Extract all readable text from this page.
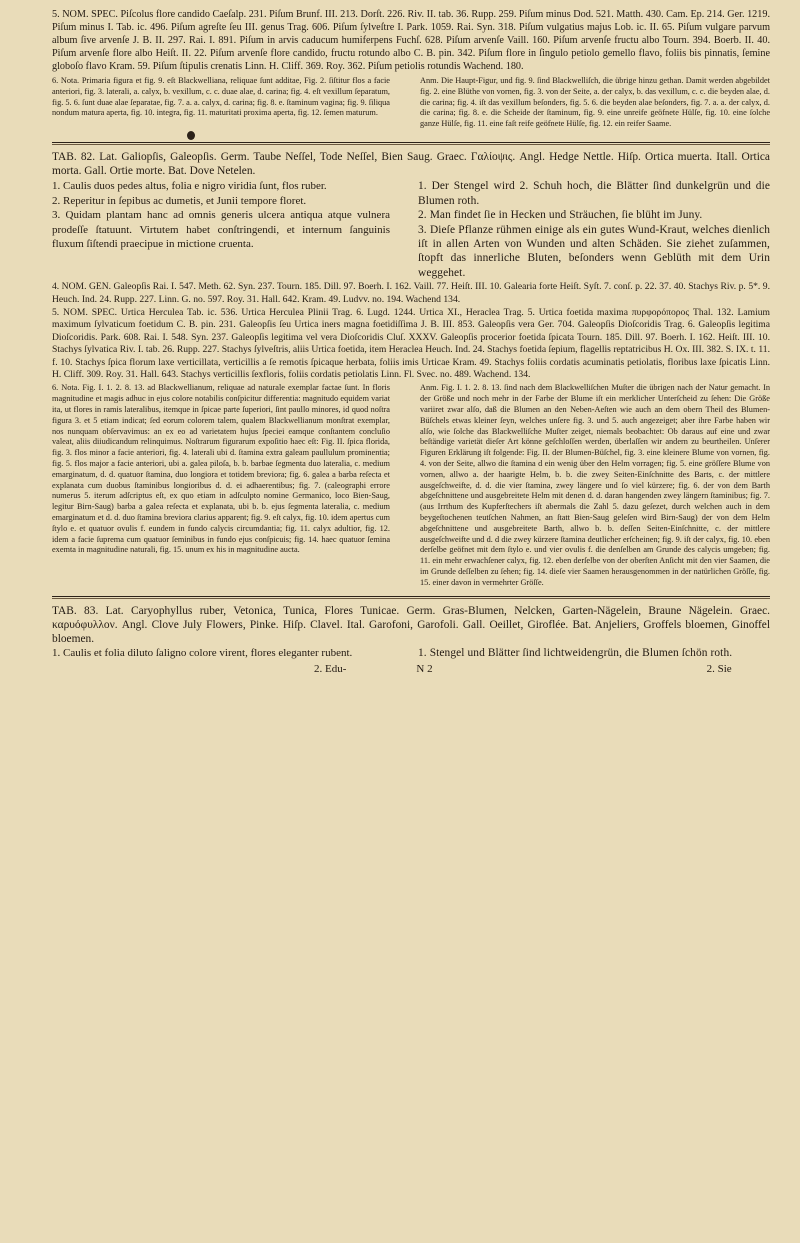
5. NOM. SPEC. Piſcolus flore candido Caeſalp. 231. Piſum Brunf. III. 213. Dorſt. 226. Riv. II. tab. 36. Rupp. 259. Piſum minus Dod. 521. Matth. 430. Cam. Ep. 214. Ger. 1219. Piſum minus I. Tab. ic. 496. Piſum agreſte ſeu III. genus Trag. 606. Piſum ſylveſtre I. Park. 1059. Rai. Syn. 318. Piſum vulgatius majus Lob. ic. II. 65. Piſum vulgare parvum album ſive arvenſe J. B. II. 297. Rai. I. 891. Piſum in arvis caducum humiferpens Fuchſ. 628. Piſum arvenſe Vaill. 160. Piſum arvenſe fructu albo Tourn. 394. Boerb. II. 40. Piſum arvenſe flore albo Heiſt. II. 22. Piſum arvenſe flore candido, fructu rotundo albo C. B. pin. 342. Piſum flore in ſingulo petiolo gemello flavo, foliis bis pinnatis, ſemine globoſo flavo Kram. 59. Piſum ſtipulis crenatis Linn. H. Cliff. 369. Roy. 362. Piſum petiolis rotundis Wachend. 180.

6. Nota. Primaria figura et fig. 9. eſt Blackwelliana, reliquae ſunt additae, Fig. 2. ſiſtitur flos a facie anteriori, fig. 3. laterali, a. calyx, b. vexillum, c. c. duae alae, d. carina; fig. 4. eſt vexillum ſeparatum, fig. 5. 6. ſunt duae alae ſeparatae, fig. 7. a. a. calyx, d. carina; fig. 8. e. ſtaminum vagina; fig. 9. ſiliqua nondum matura aperta, fig. 10. integra, fig. 11. maturitati proxima aperta, fig. 12. ſemen maturum.

Anm. Die Haupt-Figur, und fig. 9. ſind Blackwelliſch, die übrige hinzu gethan. Damit werden abgebildet fig. 2. eine Blüthe von vornen, fig. 3. von der Seite, a. der calyx, b. das vexillum, c. c. die beyden alae, d. die carina; fig. 4. iſt das vexillum beſonders, fig. 5. 6. die beyden alae beſonders, fig. 7. a. a. der calyx, d. die carina; fig. 8. e. die Scheide der ſtaminum, fig. 9. eine unreife geöfnete Hülſe, fig. 10. eine ſolche ganze Hülſe, fig. 11. eine faſt reife geöfnete Hülſe, fig. 12. ein reifer Saame.

TAB. 82. Lat. Galiopſis, Galeopſis. Germ. Taube Neſſel, Tode Neſſel, Bien Saug. Graec. Γαλίοψις. Angl. Hedge Nettle. Hiſp. Ortica muerta. Itall. Ortica morta. Gall. Ortie morte. Bat. Dove Netelen.

1. Caulis duos pedes altus, folia e nigro viridia ſunt, flos ruber.

2. Reperitur in ſepibus ac dumetis, et Junii tempore floret.

3. Quidam plantam hanc ad omnis generis ulcera antiqua atque vulnera prodeſſe ſtatuunt. Virtutem habet conſtringendi, et internum ſanguinis fluxum ſiſtendi praecipue in mictione cruenta.

1. Der Stengel wird 2. Schuh hoch, die Blätter ſind dunkelgrün und die Blumen roth.

2. Man findet ſie in Hecken und Sträuchen, ſie blüht im Juny.

3. Dieſe Pflanze rühmen einige als ein gutes Wund-Kraut, welches dienlich iſt in allen Arten von Wunden und alten Schäden. Sie ziehet zuſammen, ſtopft das innerliche Bluten, beſonders wenn Geblüth mit dem Urin weggehet.

4. NOM. GEN. Galeopſis Rai. I. 547. Meth. 62. Syn. 237. Tourn. 185. Dill. 97. Boerh. I. 162. Vaill. 77. Heiſt. III. 10. Galearia forte Heiſt. Syſt. 7. conſ. p. 22. 37. 40. Stachys Riv. p. 5*. 9. Heuch. Ind. 24. Rupp. 227. Linn. G. no. 597. Roy. 31. Hall. 642. Kram. 49. Ludvv. no. 194. Wachend 134.

5. NOM. SPEC. Urtica Herculea Tab. ic. 536. Urtica Herculea Plinii Trag. 6. Lugd. 1244. Urtica XI., Heraclea Trag. 5. Urtica foetida maxima πυρφορόπορος Thal. 132. Lamium maximum ſylvaticum foetidum C. B. pin. 231. Galeopſis ſeu Urtica iners magna foetidiſſima J. B. III. 853. Galeopſis vera Ger. 704. Galeopſis Dioſcoridis Trag. 6. Galeopſis legitima Dioſcoridis. Park. 608. Rai. I. 548. Syn. 237. Galeopſis legitima vel vera Dioſcoridis Cluſ. XXXV. Galeopſis procerior foetida ſpicata Tourn. 185. Dill. 97. Boerh. I. 162. Heiſt. III. 10. Stachys ſylvatica Riv. I. tab. 26. Rupp. 227. Stachys ſylveſtris, aliis Urtica foetida, item Heraclea Heuch. Ind. 24. Stachys foetida ſepium, flagellis reptatricibus H. Ox. III. 382. S. IX. t. 11. f. 10. Stachys ſpica florum laxe verticillata, verticillis a ſe remotis ſpicaque herbata, foliis imis Urticae Kram. 49. Stachys foliis cordatis acuminatis petiolatis, floribus laxe ſpicatis Linn. H. Cliff. 309. Roy. 31. Hall. 643. Stachys verticillis ſexfloris, foliis cordatis petiolatis Linn. Fl. Svec. no. 489. Wachend. 134.

6. Nota. Fig. I. 1. 2. 8. 13. ad Blackwellianum, reliquae ad naturale exemplar factae ſunt. In floris magnitudine et magis adhuc in ejus colore notabilis conſpicitur differentia: magnitudo equidem variat ita, ut flores in ramis lateralibus, itemque in ſpicae parte ſuperiori, ſint paullo minores, id quod noſtra figura 3. et 5 etiam indicat; ſed eorum colorem talem, qualem Blackwellianum monſtrat exemplar, nos nunquam obſervavimus: an ex eo ad varietatem hujus ſpeciei eamque conſtantem concluſio valeat, aliis diiudicandum relinquimus. Noſtrarum figurarum expoſitio haec eſt: Fig. II. ſpica florida, fig. 3. flos minor a facie anteriori, fig. 4. laterali ubi d. ſtamina extra galeam paullulum prominentia; fig. 5. flos major a facie anteriori, ubi a. galea piloſa, b. b. barbae ſegmenta duo lateralia, c. medium emarginatum, d. d. quatuor ſtamina, duo longiora et totidem breviora; fig. 6. galea a barba reſecta et explanata cum duobus ſtaminibus longioribus d. d. ei adhaerentibus; fig. 7. (caleographi errore numerus 5. iterum adſcriptus eſt, ex quo etiam in adſculpto nomine Germanico, loco Bien-Saug, legitur Birn-Saug) barba a galea reſecta et explanata, ubi b. b. ejus ſegmenta lateralia, c. medium emarginatum et d. d. duo ſtamina breviora clarius apparent; fig. 9. eſt calyx, fig. 10. idem apertus cum ſtylo e. et quatuor ovulis f. eundem in fundo calycis circumdantia; fig. 11. calyx adultior, fig. 12. idem a facie ſuprema cum quatuor ſeminibus in fundo ejus conſpicuis; fig. 14. haec quatuor ſemina exemta in magnitudine naturali, fig. 15. unum ex his in magnitudine aucta.

Anm. Fig. I. 1. 2. 8. 13. ſind nach dem Blackwelliſchen Muſter die übrigen nach der Natur gemacht. In der Größe und noch mehr in der Farbe der Blume iſt ein merklicher Unterſcheid zu ſehen: Die Größe variiret zwar alſo, daß die Blumen an den Neben-Aeſten wie auch an dem obern Theil des Blumen-Büſchels etwas kleiner ſeyn, welches unſere fig. 3. und 5. auch angezeiget; aber ihre Farbe haben wir alſo, wie ſolche das Blackwelliſche Muſter zeiget, niemals beobachtet: Ob daraus auf eine und zwar beſtändige varietät dieſer Art könne geſchloſſen werden, überlaſſen wir andern zu beurtheilen. Unſerer Figuren Erklärung iſt folgende: Fig. II. der Blumen-Büſchel, fig. 3. eine kleinere Blume von vornen, fig. 4. von der Seite, allwo die ſtamina d ein wenig über den Helm vorragen; fig. 5. eine gröſſere Blume von vornen, allwo a. der haarigte Helm, b. b. die zwey Seiten-Einſchnitte des Barts, c. der mittlere ausgeſchweifte, d. d. die vier ſtamina, zwey längere und ſo viel kürzere; fig. 6. der von dem Barth abgeſchnittene und ausgebreitete Helm mit denen d. d. daran hangenden zwey längern ſtaminibus; fig. 7. (aus Irrthum des Kupferſtechers iſt abermals die Zahl 5. dazu geſezet, durch welchen auch in dem beygeſtochenen teutſchen Nahmen, an ſtatt Bien-Saug geleſen wird Birn-Saug) der von dem Helm abgeſchnittene und ausgebreitete Barth, allwo b. b. deſſen Seiten-Einſchnitte, c. der mittlere ausgeſchweifte und d. d die zwey kürzere ſtamina deutlicher erſcheinen; fig. 9. iſt der calyx, fig. 10. eben derſelbe geöfnet mit dem ſtylo e. und vier ovulis f. die denſelben am Grunde des calycis umgeben; fig. 11. ein mehr erwachſener calyx, fig. 12. eben derſelbe von der oberſten Anſicht mit den vier Saamen, die im Grunde deſſelben zu ſehen; fig. 14. dieſe vier Saamen herausgenommen in der natürlichen Gröſſe, fig. 15. einer davon in vermehrter Gröſſe.

TAB. 83. Lat. Caryophyllus ruber, Vetonica, Tunica, Flores Tunicae. Germ. Gras-Blumen, Nelcken, Garten-Nägelein, Braune Nägelein. Graec. καρυόφυλλον. Angl. Clove July Flowers, Pinke. Hiſp. Clavel. Ital. Garofoni, Garofoli. Gall. Oeillet, Giroflée. Bat. Anjeliers, Groffels bloemen, Ginoffel bloemen.

1. Caulis et folia diluto ſaligno colore virent, flores eleganter rubent.	1. Stengel und Blätter ſind lichtweidengrün, die Blumen ſchön roth.

2. Edu-	N 2	2. Sie
